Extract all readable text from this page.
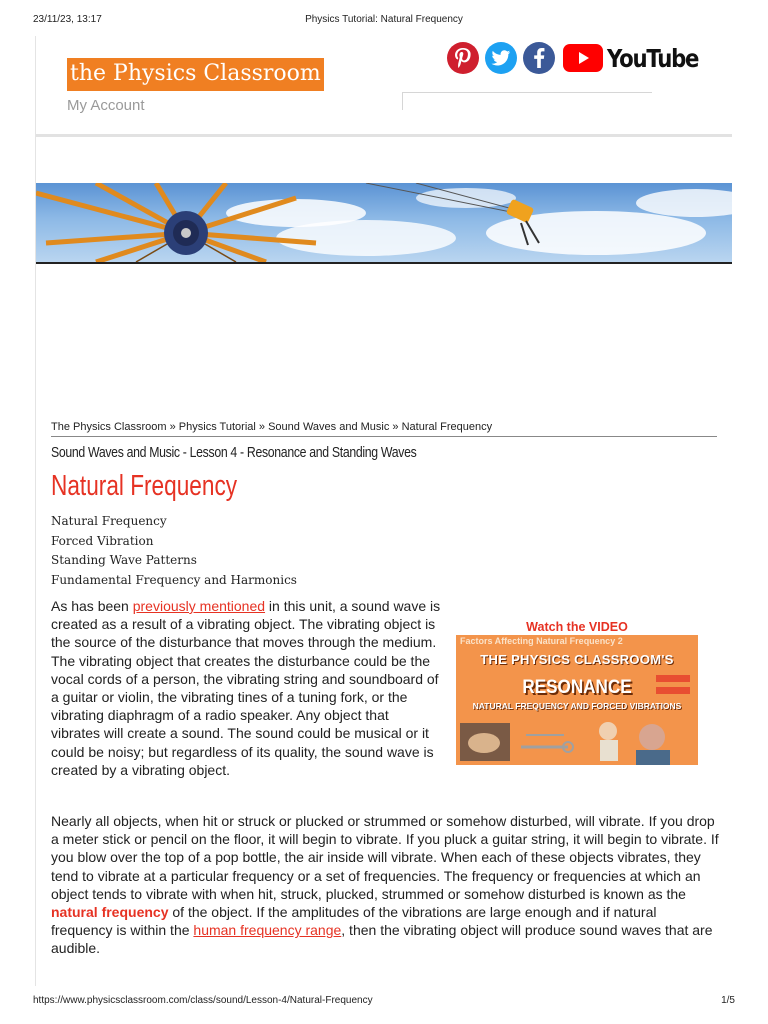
23/11/23, 13:17	Physics Tutorial: Natural Frequency
the Physics Classroom
My Account
YouTube
The Physics Classroom » Physics Tutorial » Sound Waves and Music » Natural Frequency
Sound Waves and Music - Lesson 4 - Resonance and Standing Waves
Natural Frequency
Natural Frequency
Forced Vibration
Standing Wave Patterns
Fundamental Frequency and Harmonics

As has been previously mentioned in this unit, a sound wave is created as a result of a vibrating object. The vibrating object is the source of the disturbance that moves through the medium. The vibrating object that creates the disturbance could be the vocal cords of a person, the vibrating string and soundboard of a guitar or violin, the vibrating tines of a tuning fork, or the vibrating diaphragm of a radio speaker. Any object that vibrates will create a sound. The sound could be musical or it could be noisy; but regardless of its quality, the sound wave is created by a vibrating object.

Watch the VIDEO
Factors Affecting Natural Frequency 2
THE PHYSICS CLASSROOM'S
RESONANCE
NATURAL FREQUENCY AND FORCED VIBRATIONS

Nearly all objects, when hit or struck or plucked or strummed or somehow disturbed, will vibrate. If you drop a meter stick or pencil on the floor, it will begin to vibrate. If you pluck a guitar string, it will begin to vibrate. If you blow over the top of a pop bottle, the air inside will vibrate. When each of these objects vibrates, they tend to vibrate at a particular frequency or a set of frequencies. The frequency or frequencies at which an object tends to vibrate with when hit, struck, plucked, strummed or somehow disturbed is known as the natural frequency of the object. If the amplitudes of the vibrations are large enough and if natural frequency is within the human frequency range, then the vibrating object will produce sound waves that are audible.

https://www.physicsclassroom.com/class/sound/Lesson-4/Natural-Frequency	1/5
